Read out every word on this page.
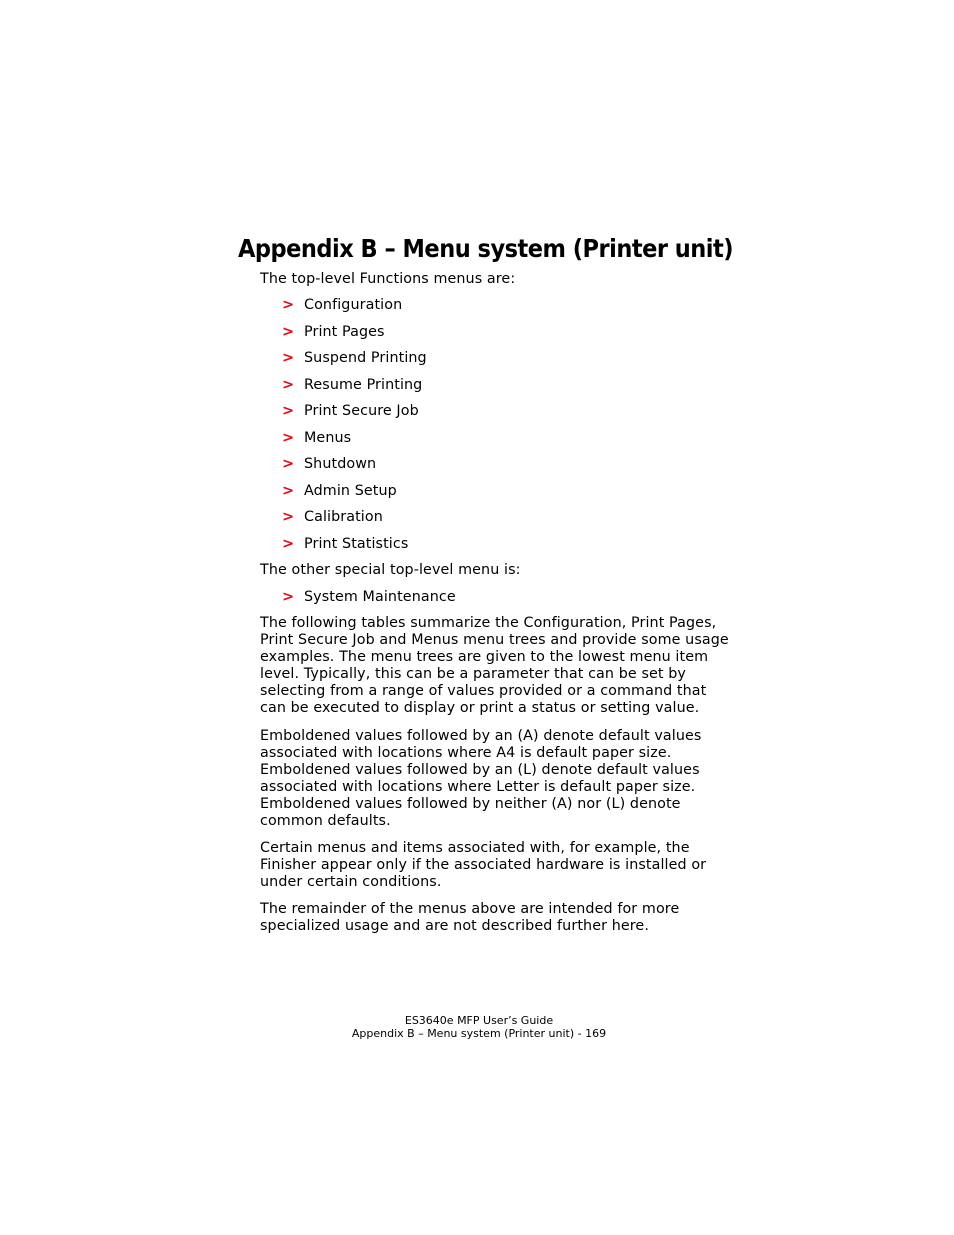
Appendix B – Menu system (Printer unit)

The top-level Functions menus are:

> Configuration
> Print Pages
> Suspend Printing
> Resume Printing
> Print Secure Job
> Menus
> Shutdown
> Admin Setup
> Calibration
> Print Statistics

The other special top-level menu is:

> System Maintenance

The following tables summarize the Configuration, Print Pages, Print Secure Job and Menus menu trees and provide some usage examples. The menu trees are given to the lowest menu item level. Typically, this can be a parameter that can be set by selecting from a range of values provided or a command that can be executed to display or print a status or setting value.

Emboldened values followed by an (A) denote default values associated with locations where A4 is default paper size. Emboldened values followed by an (L) denote default values associated with locations where Letter is default paper size. Emboldened values followed by neither (A) nor (L) denote common defaults.

Certain menus and items associated with, for example, the Finisher appear only if the associated hardware is installed or under certain conditions.

The remainder of the menus above are intended for more specialized usage and are not described further here.

ES3640e MFP User’s Guide

Appendix B – Menu system (Printer unit) - 169
